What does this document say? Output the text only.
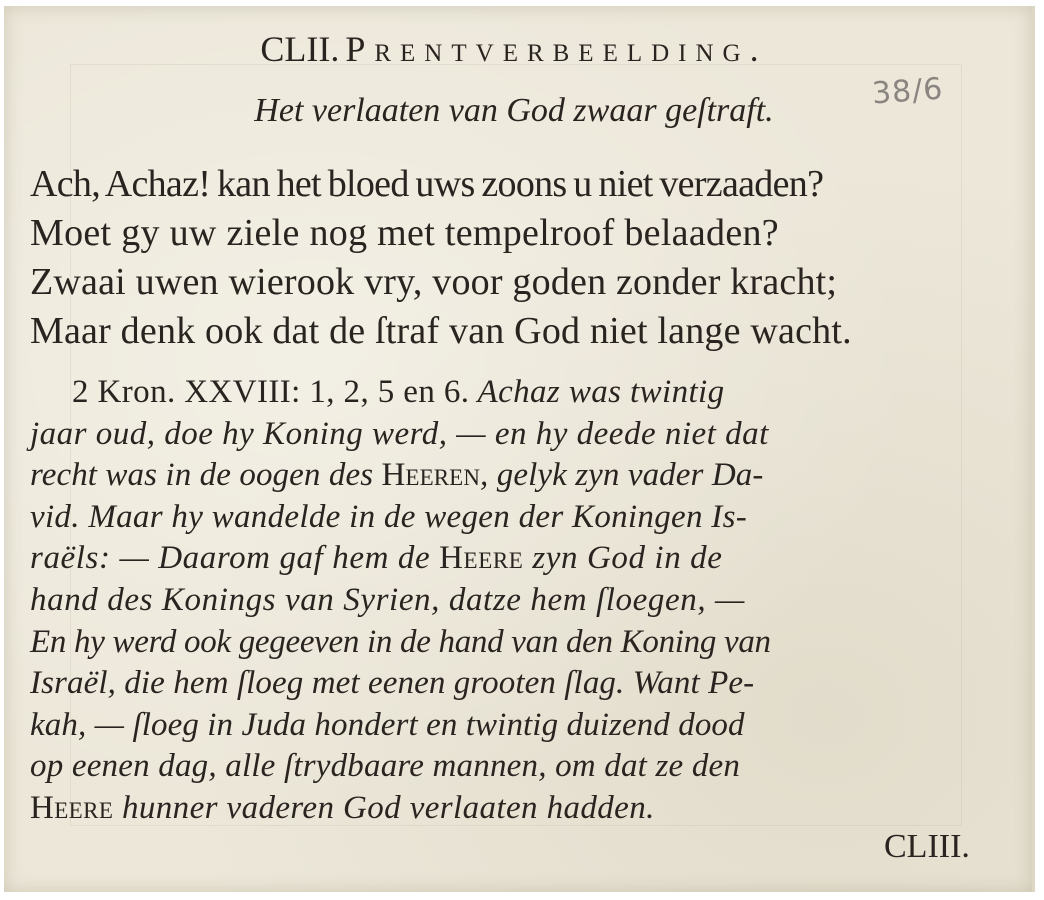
CLII. Prentverbeelding.
38/6
Het verlaaten van God zwaar geſtraft.
Ach, Achaz! kan het bloed uws zoons u niet verzaaden?
Moet gy uw ziele nog met tempelroof belaaden?
Zwaai uwen wierook vry, voor goden zonder kracht;
Maar denk ook dat de ſtraf van God niet lange wacht.
2 Kron. XXVIII: 1, 2, 5 en 6. Achaz was twintig
jaar oud, doe hy Koning werd, — en hy deede niet dat
recht was in de oogen des Heeren, gelyk zyn vader Da-
vid. Maar hy wandelde in de wegen der Koningen Is-
raëls: — Daarom gaf hem de Heere zyn God in de
hand des Konings van Syrien, datze hem ſloegen, —
En hy werd ook gegeeven in de hand van den Koning van
Israël, die hem ſloeg met eenen grooten ſlag. Want Pe-
kah, — ſloeg in Juda hondert en twintig duizend dood
op eenen dag, alle ſtrydbaare mannen, om dat ze den
Heere hunner vaderen God verlaaten hadden.
CLIII.
